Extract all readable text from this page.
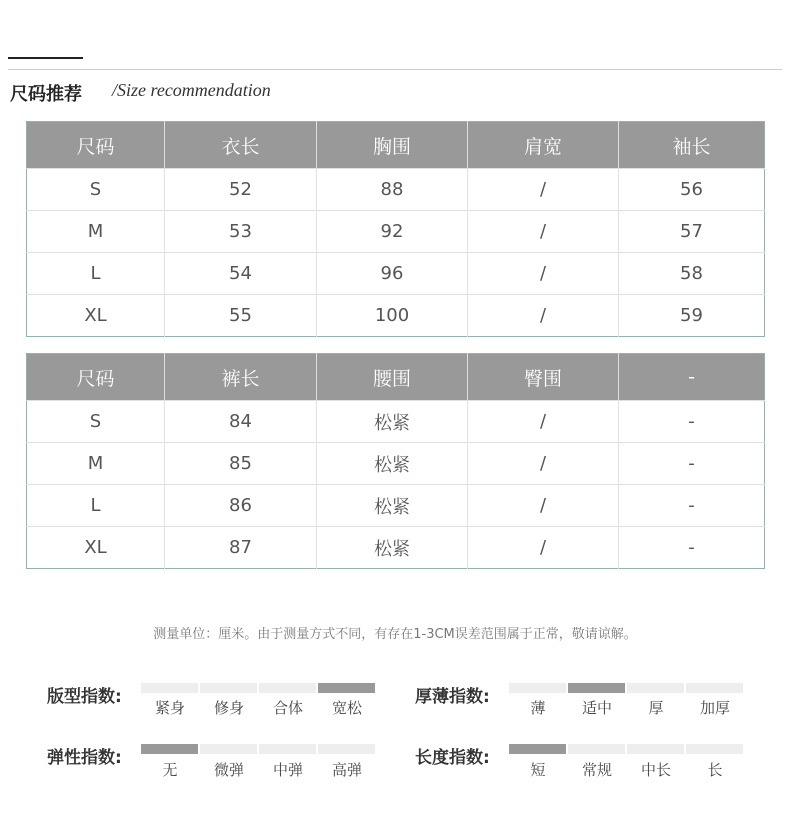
尺码推荐 /Size recommendation
尺码	衣长	胸围	肩宽	袖长
S	52	88	/	56
M	53	92	/	57
L	54	96	/	58
XL	55	100	/	59
尺码	裤长	腰围	臀围	-
S	84	松紧	/	-
M	85	松紧	/	-
L	86	松紧	/	-
XL	87	松紧	/	-
测量单位：厘米。由于测量方式不同，有存在1-3CM误差范围属于正常，敬请谅解。
版型指数:
紧身	修身	合体	宽松
厚薄指数:
薄	适中	厚	加厚
弹性指数:
无	微弹	中弹	高弹
长度指数:
短	常规	中长	长
